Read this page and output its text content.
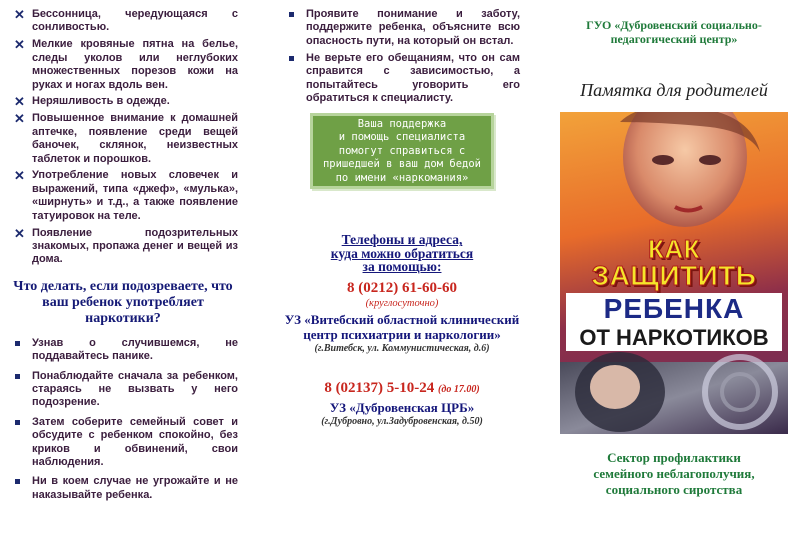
✕ Бессонница, чередующаяся с сонливостью.
✕ Мелкие кровяные пятна на белье, следы уколов или неглубоких множественных порезов кожи на руках и ногах вдоль вен.
✕ Неряшливость в одежде.
✕ Повышенное внимание к домашней аптечке, появление среди вещей баночек, склянок, неизвестных таблеток и порошков.
✕ Употребление новых словечек и выражений, типа «джеф», «мулька», «ширнуть» и т.д., а также появление татуировок на теле.
✕ Появление подозрительных знакомых, пропажа денег и вещей из дома.
Что делать, если подозреваете, что ваш ребенок употребляет наркотики?
Узнав о случившемся, не поддавайтесь панике.
Понаблюдайте сначала за ребенком, стараясь не вызвать у него подозрение.
Затем соберите семейный совет и обсудите с ребенком спокойно, без криков и обвинений, свои наблюдения.
Ни в коем случае не угрожайте и не наказывайте ребенка.
Проявите понимание и заботу, поддержите ребенка, объясните всю опасность пути, на который он встал.
Не верьте его обещаниям, что он сам справится с зависимостью, а попытайтесь уговорить его обратиться к специалисту.
Ваша поддержка
и помощь специалиста
помогут справиться с
пришедшей в ваш дом бедой
по имени «наркомания»
Телефоны и адреса,
куда можно обратиться
за помощью:
8 (0212) 61-60-60
(круглосуточно)
УЗ «Витебский областной клинический центр психиатрии и наркологии»
(г.Витебск, ул. Коммунистическая, д.6)
8 (02137) 5-10-24 (до 17.00)
УЗ «Дубровенская ЦРБ»
(г.Дубровно, ул.Задубровенская, д.50)
ГУО «Дубровенский социально-
педагогический центр»
Памятка для родителей
КАК
ЗАЩИТИТЬ
РЕБЕНКА
ОТ НАРКОТИКОВ
Сектор профилактики
семейного неблагополучия,
социального сиротства
